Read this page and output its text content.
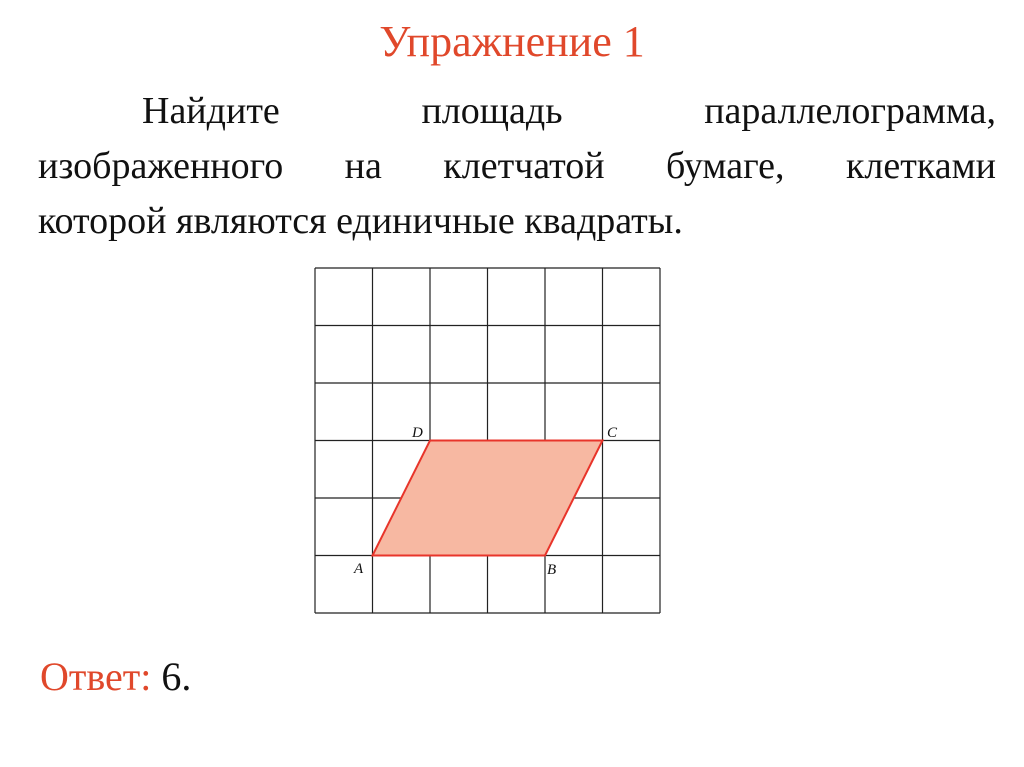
Упражнение 1
Найдите площадь параллелограмма,
изображенного на клетчатой бумаге, клетками
которой являются единичные квадраты.
A	B
C
D
Ответ: 6.
